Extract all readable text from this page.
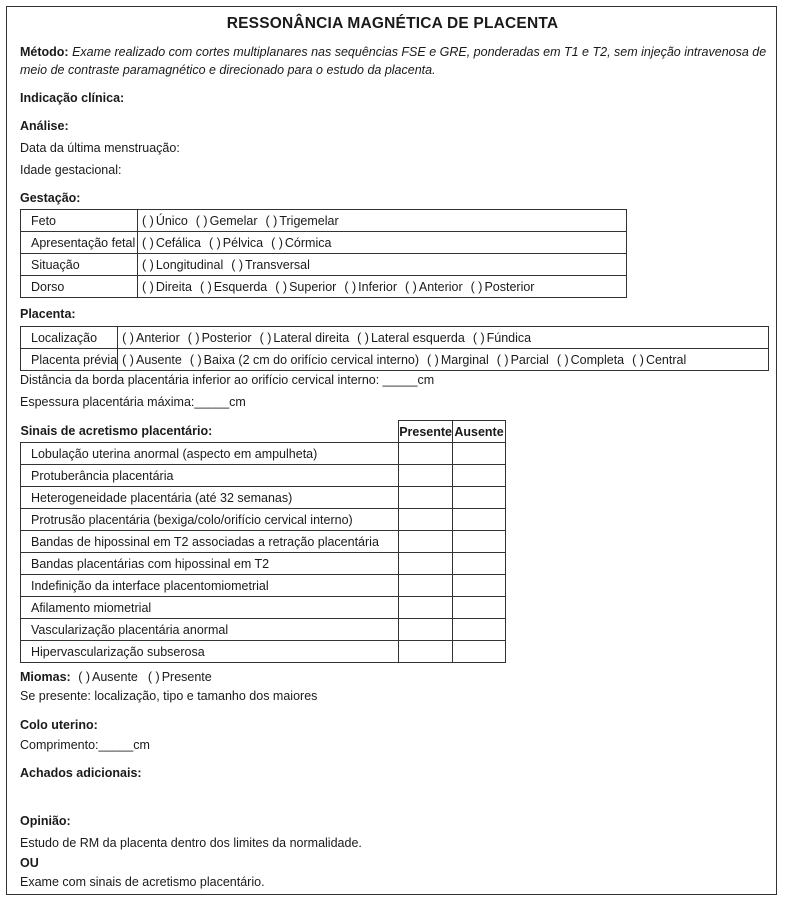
RESSONÂNCIA MAGNÉTICA DE PLACENTA
Método: Exame realizado com cortes multiplanares nas sequências FSE e GRE, ponderadas em T1 e T2, sem injeção intravenosa de meio de contraste paramagnético e direcionado para o estudo da placenta.
Indicação clínica:
Análise:
Data da última menstruação:
Idade gestacional:
Gestação:
Feto	( ) Único ( ) Gemelar ( ) Trigemelar
Apresentação fetal	( ) Cefálica ( ) Pélvica ( ) Córmica
Situação	( ) Longitudinal ( ) Transversal
Dorso	( ) Direita ( ) Esquerda ( ) Superior ( ) Inferior ( ) Anterior ( ) Posterior
Placenta:
Localização	( ) Anterior ( ) Posterior ( ) Lateral direita ( ) Lateral esquerda ( ) Fúndica
Placenta prévia	( ) Ausente ( ) Baixa (2 cm do orifício cervical interno) ( ) Marginal ( ) Parcial ( ) Completa ( ) Central
Distância da borda placentária inferior ao orifício cervical interno: _____cm
Espessura placentária máxima:_____cm
Sinais de acretismo placentário:	Presente	Ausente
Lobulação uterina anormal (aspecto em ampulheta)		
Protuberância placentária		
Heterogeneidade placentária (até 32 semanas)		
Protrusão placentária (bexiga/colo/orifício cervical interno)		
Bandas de hipossinal em T2 associadas a retração placentária		
Bandas placentárias com hipossinal em T2		
Indefinição da interface placentomiometrial		
Afilamento miometrial		
Vascularização placentária anormal		
Hipervascularização subserosa		
Miomas: ( ) Ausente ( ) Presente
Se presente: localização, tipo e tamanho dos maiores
Colo uterino:
Comprimento:_____cm
Achados adicionais:
Opinião:
Estudo de RM da placenta dentro dos limites da normalidade.
OU
Exame com sinais de acretismo placentário.
